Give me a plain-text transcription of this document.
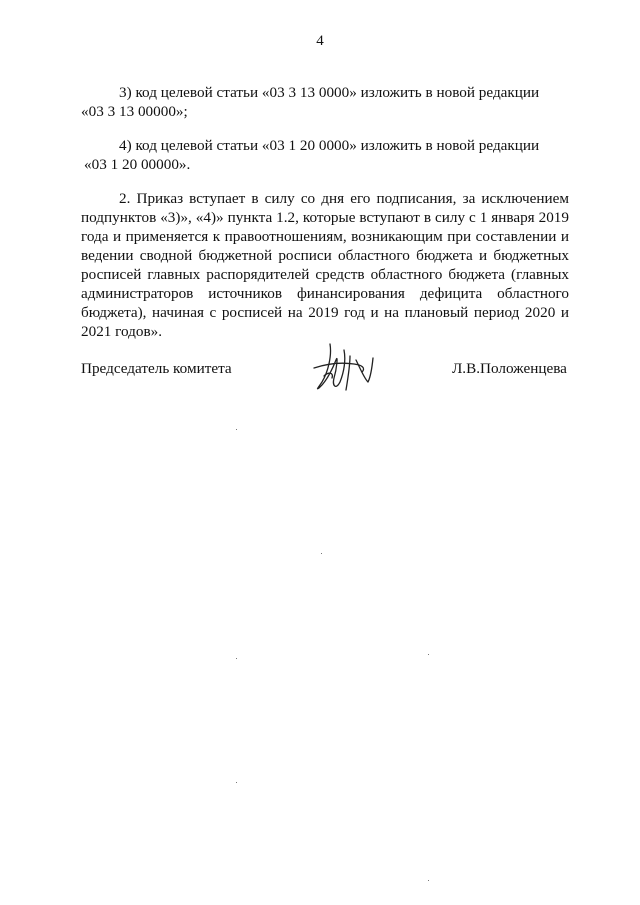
4
3) код целевой статьи «03 3 13 0000» изложить в новой редакции
«03 3 13 00000»;
4) код целевой статьи «03 1 20 0000» изложить в новой редакции
«03 1 20 00000».
2. Приказ вступает в силу со дня его подписания, за исключением
подпунктов «3)», «4)» пункта 1.2, которые вступают в силу с 1 января 2019
года и применяется к правоотношениям, возникающим при составлении и
ведении сводной бюджетной росписи областного бюджета и бюджетных
росписей главных распорядителей средств областного бюджета (главных
администраторов источников финансирования дефицита областного
бюджета), начиная с росписей на 2019 год и на плановый период 2020 и
2021 годов».
Председатель комитета	Л.В.Положенцева
